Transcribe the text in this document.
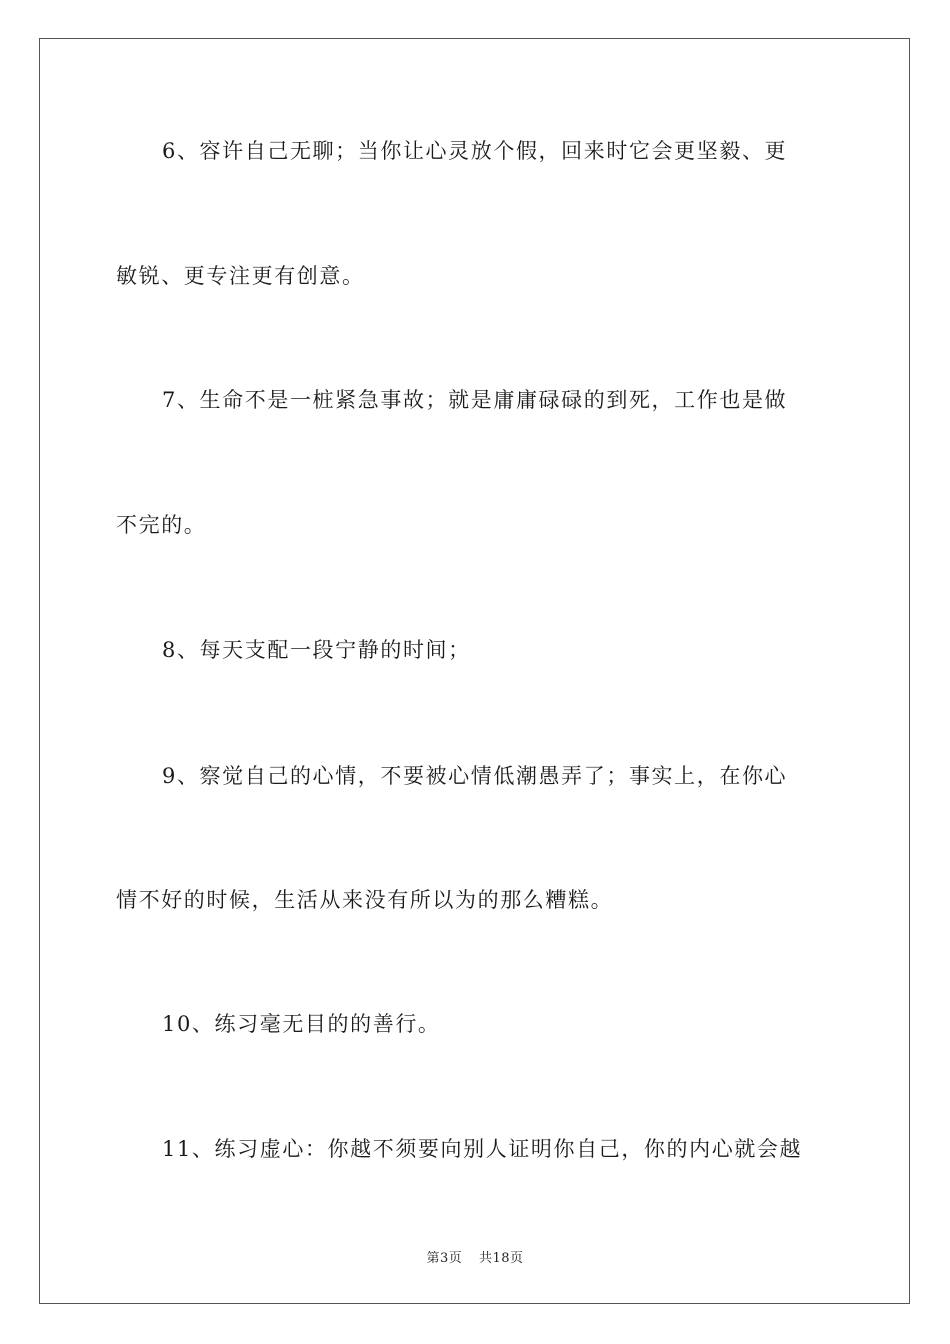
6、容许自己无聊；当你让心灵放个假，回来时它会更坚毅、更
敏锐、更专注更有创意。
7、生命不是一桩紧急事故；就是庸庸碌碌的到死，工作也是做
不完的。
8、每天支配一段宁静的时间；
9、察觉自己的心情，不要被心情低潮愚弄了；事实上，在你心
情不好的时候，生活从来没有所以为的那么糟糕。
10、练习毫无目的的善行。
11、练习虚心：你越不须要向别人证明你自己，你的内心就会越
第3页 共18页
